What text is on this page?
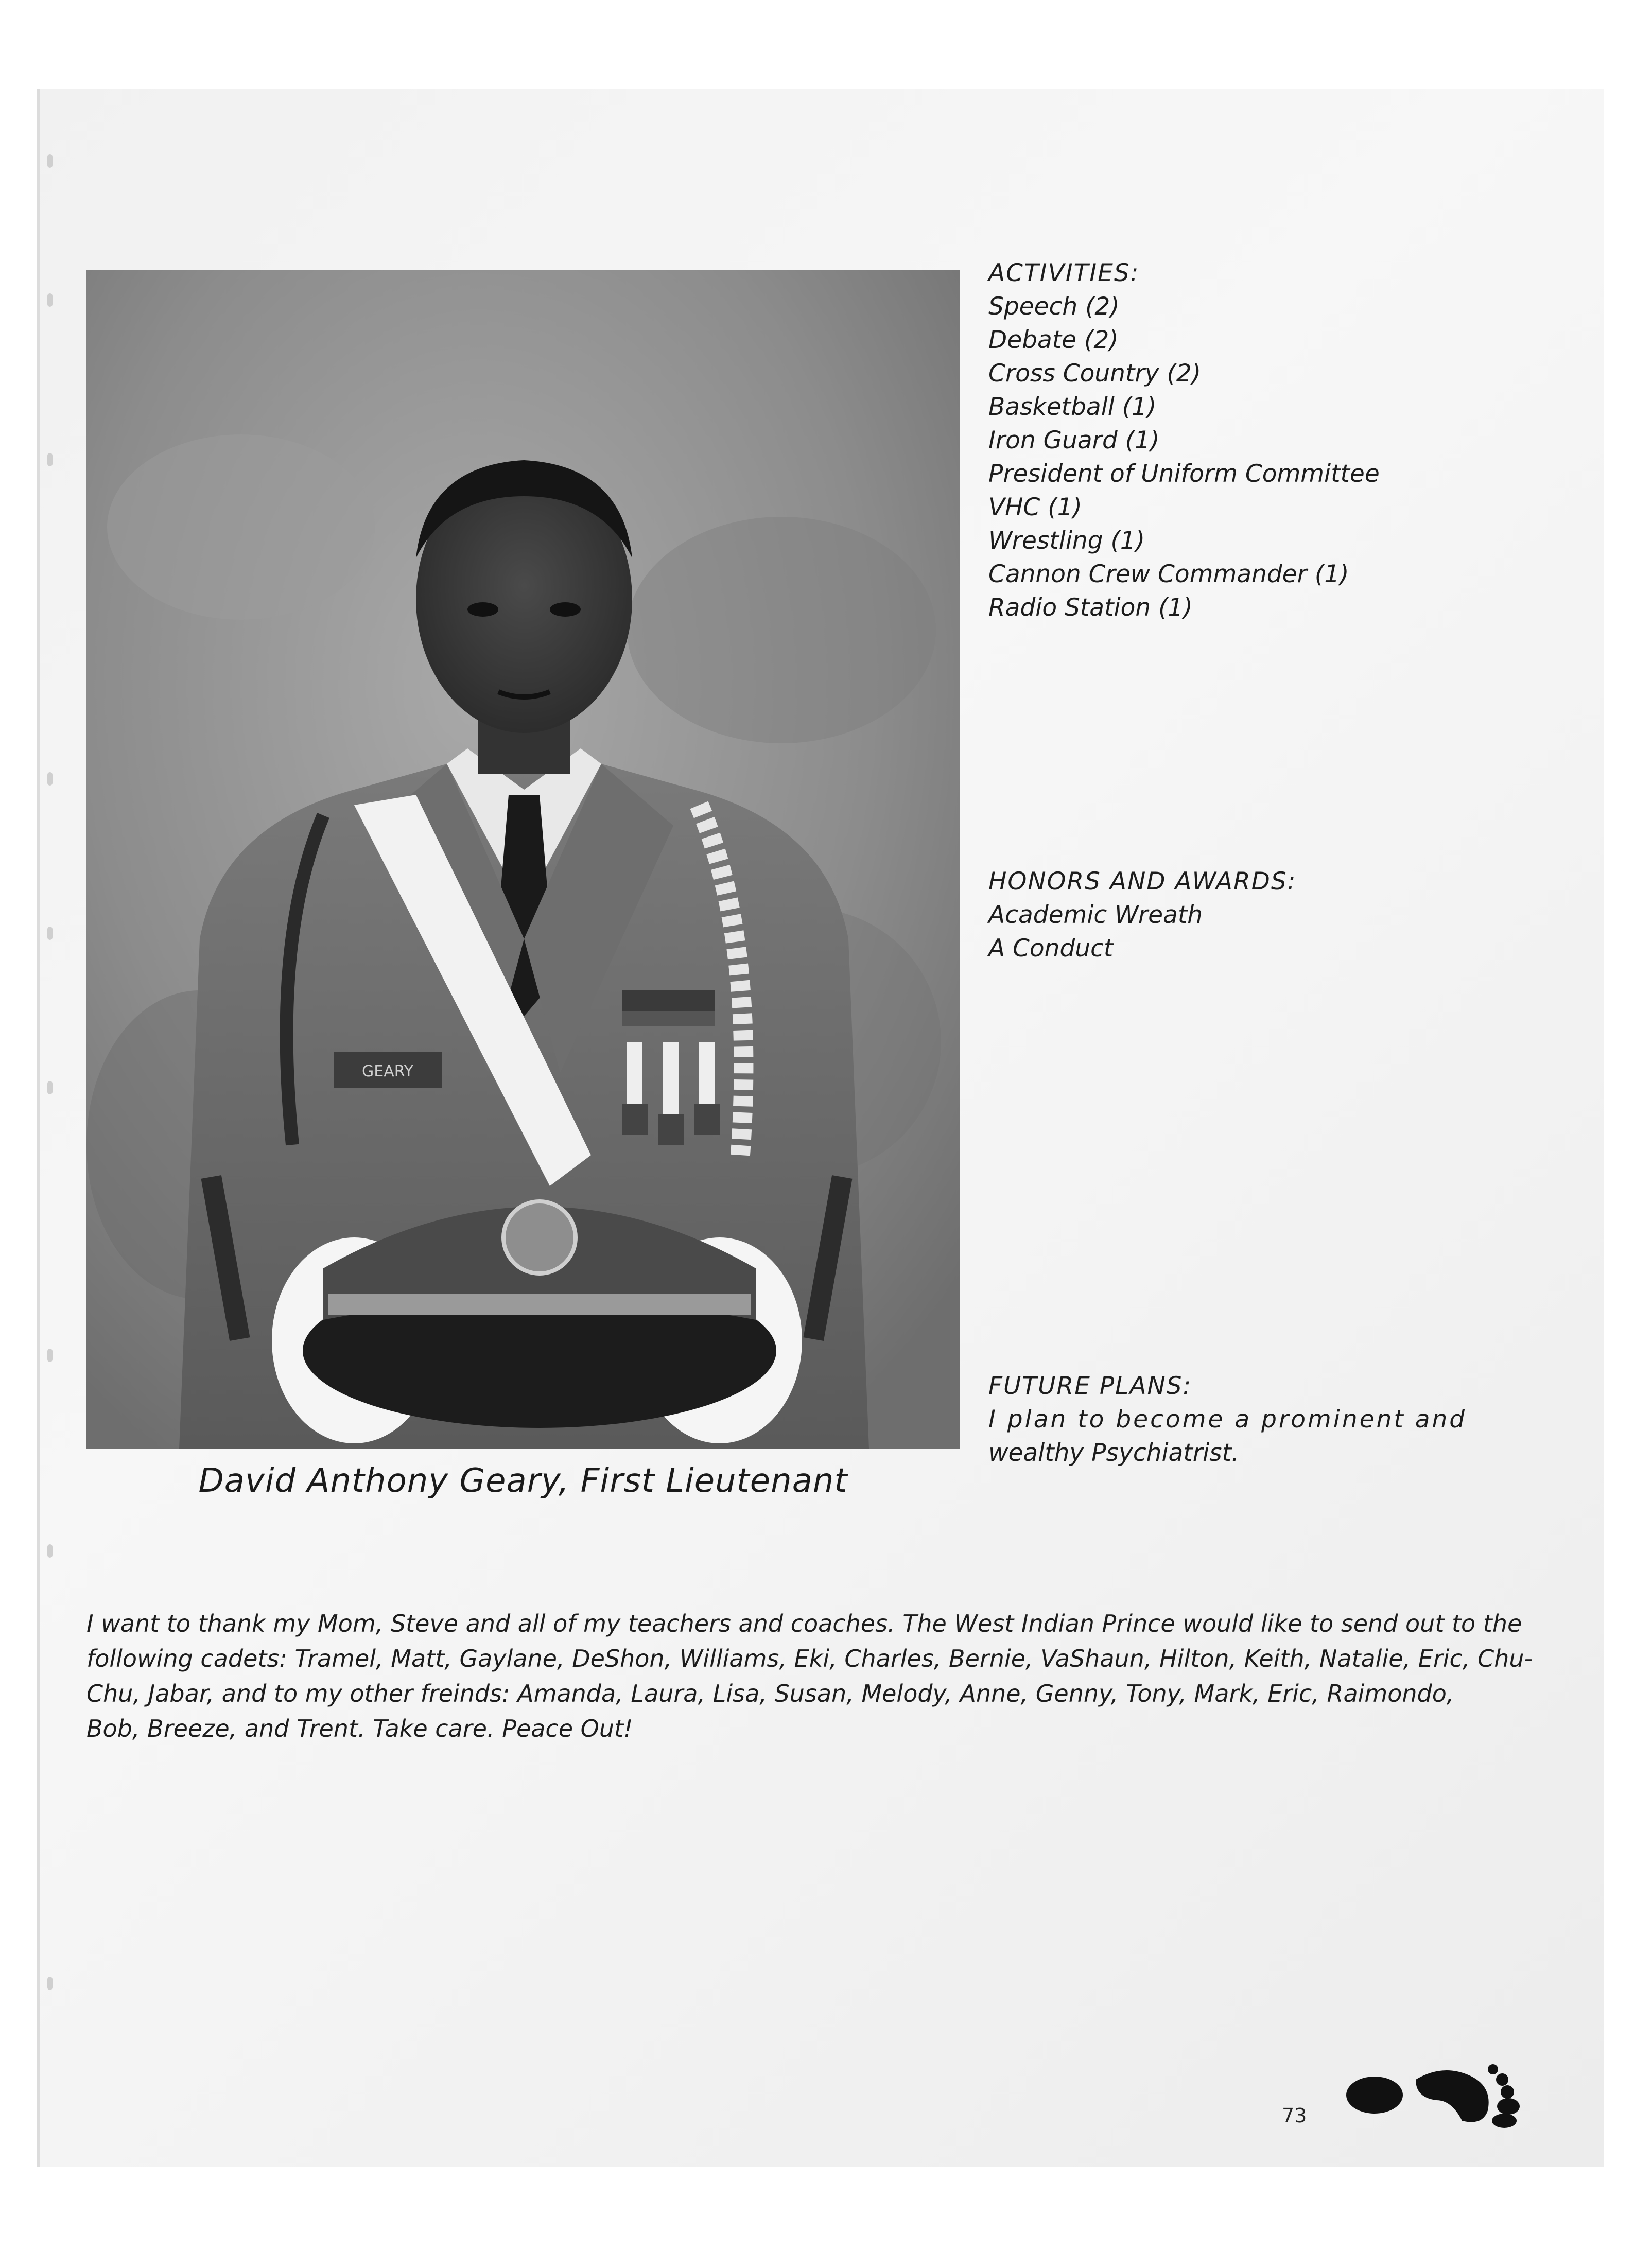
GEARY
David Anthony Geary, First Lieutenant
ACTIVITIES:
Speech (2)
Debate (2)
Cross Country (2)
Basketball (1)
Iron Guard (1)
President of Uniform Committee
VHC (1)
Wrestling (1)
Cannon Crew Commander (1)
Radio Station (1)
HONORS AND AWARDS:
Academic Wreath
A Conduct
FUTURE PLANS:
I plan to become a prominent and
wealthy Psychiatrist.
I want to thank my Mom, Steve and all of my teachers and coaches. The West Indian Prince would like to send out to the
following cadets: Tramel, Matt, Gaylane, DeShon, Williams, Eki, Charles, Bernie, VaShaun, Hilton, Keith, Natalie, Eric, Chu-
Chu, Jabar, and to my other freinds: Amanda, Laura, Lisa, Susan, Melody, Anne, Genny, Tony, Mark, Eric, Raimondo,
Bob, Breeze, and Trent. Take care. Peace Out!
73
